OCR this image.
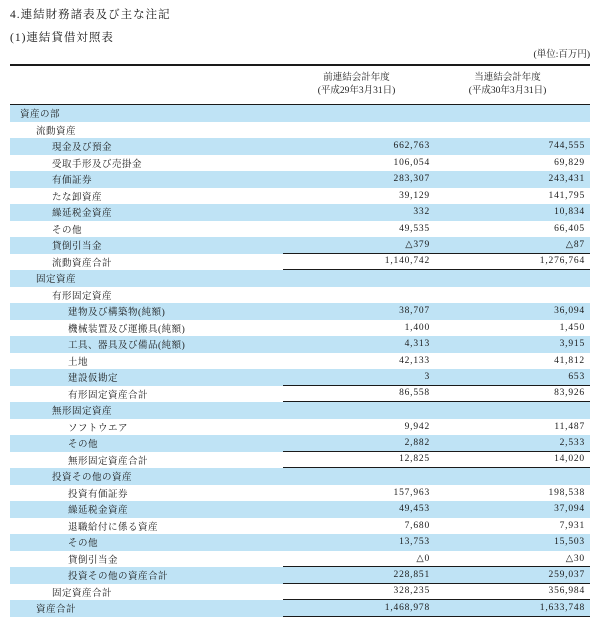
4.連結財務諸表及び主な注記
(1)連結貸借対照表
(単位:百万円)
前連結会計年度
(平成29年3月31日)
当連結会計年度
(平成30年3月31日)
資産の部
流動資産
現金及び預金	662,763	744,555
受取手形及び売掛金	106,054	69,829
有価証券	283,307	243,431
たな卸資産	39,129	141,795
繰延税金資産	332	10,834
その他	49,535	66,405
貸倒引当金	△379	△87
流動資産合計	1,140,742	1,276,764
固定資産
有形固定資産
建物及び構築物(純額)	38,707	36,094
機械装置及び運搬具(純額)	1,400	1,450
工具、器具及び備品(純額)	4,313	3,915
土地	42,133	41,812
建設仮勘定	3	653
有形固定資産合計	86,558	83,926
無形固定資産
ソフトウエア	9,942	11,487
その他	2,882	2,533
無形固定資産合計	12,825	14,020
投資その他の資産
投資有価証券	157,963	198,538
繰延税金資産	49,453	37,094
退職給付に係る資産	7,680	7,931
その他	13,753	15,503
貸倒引当金	△0	△30
投資その他の資産合計	228,851	259,037
固定資産合計	328,235	356,984
資産合計	1,468,978	1,633,748
